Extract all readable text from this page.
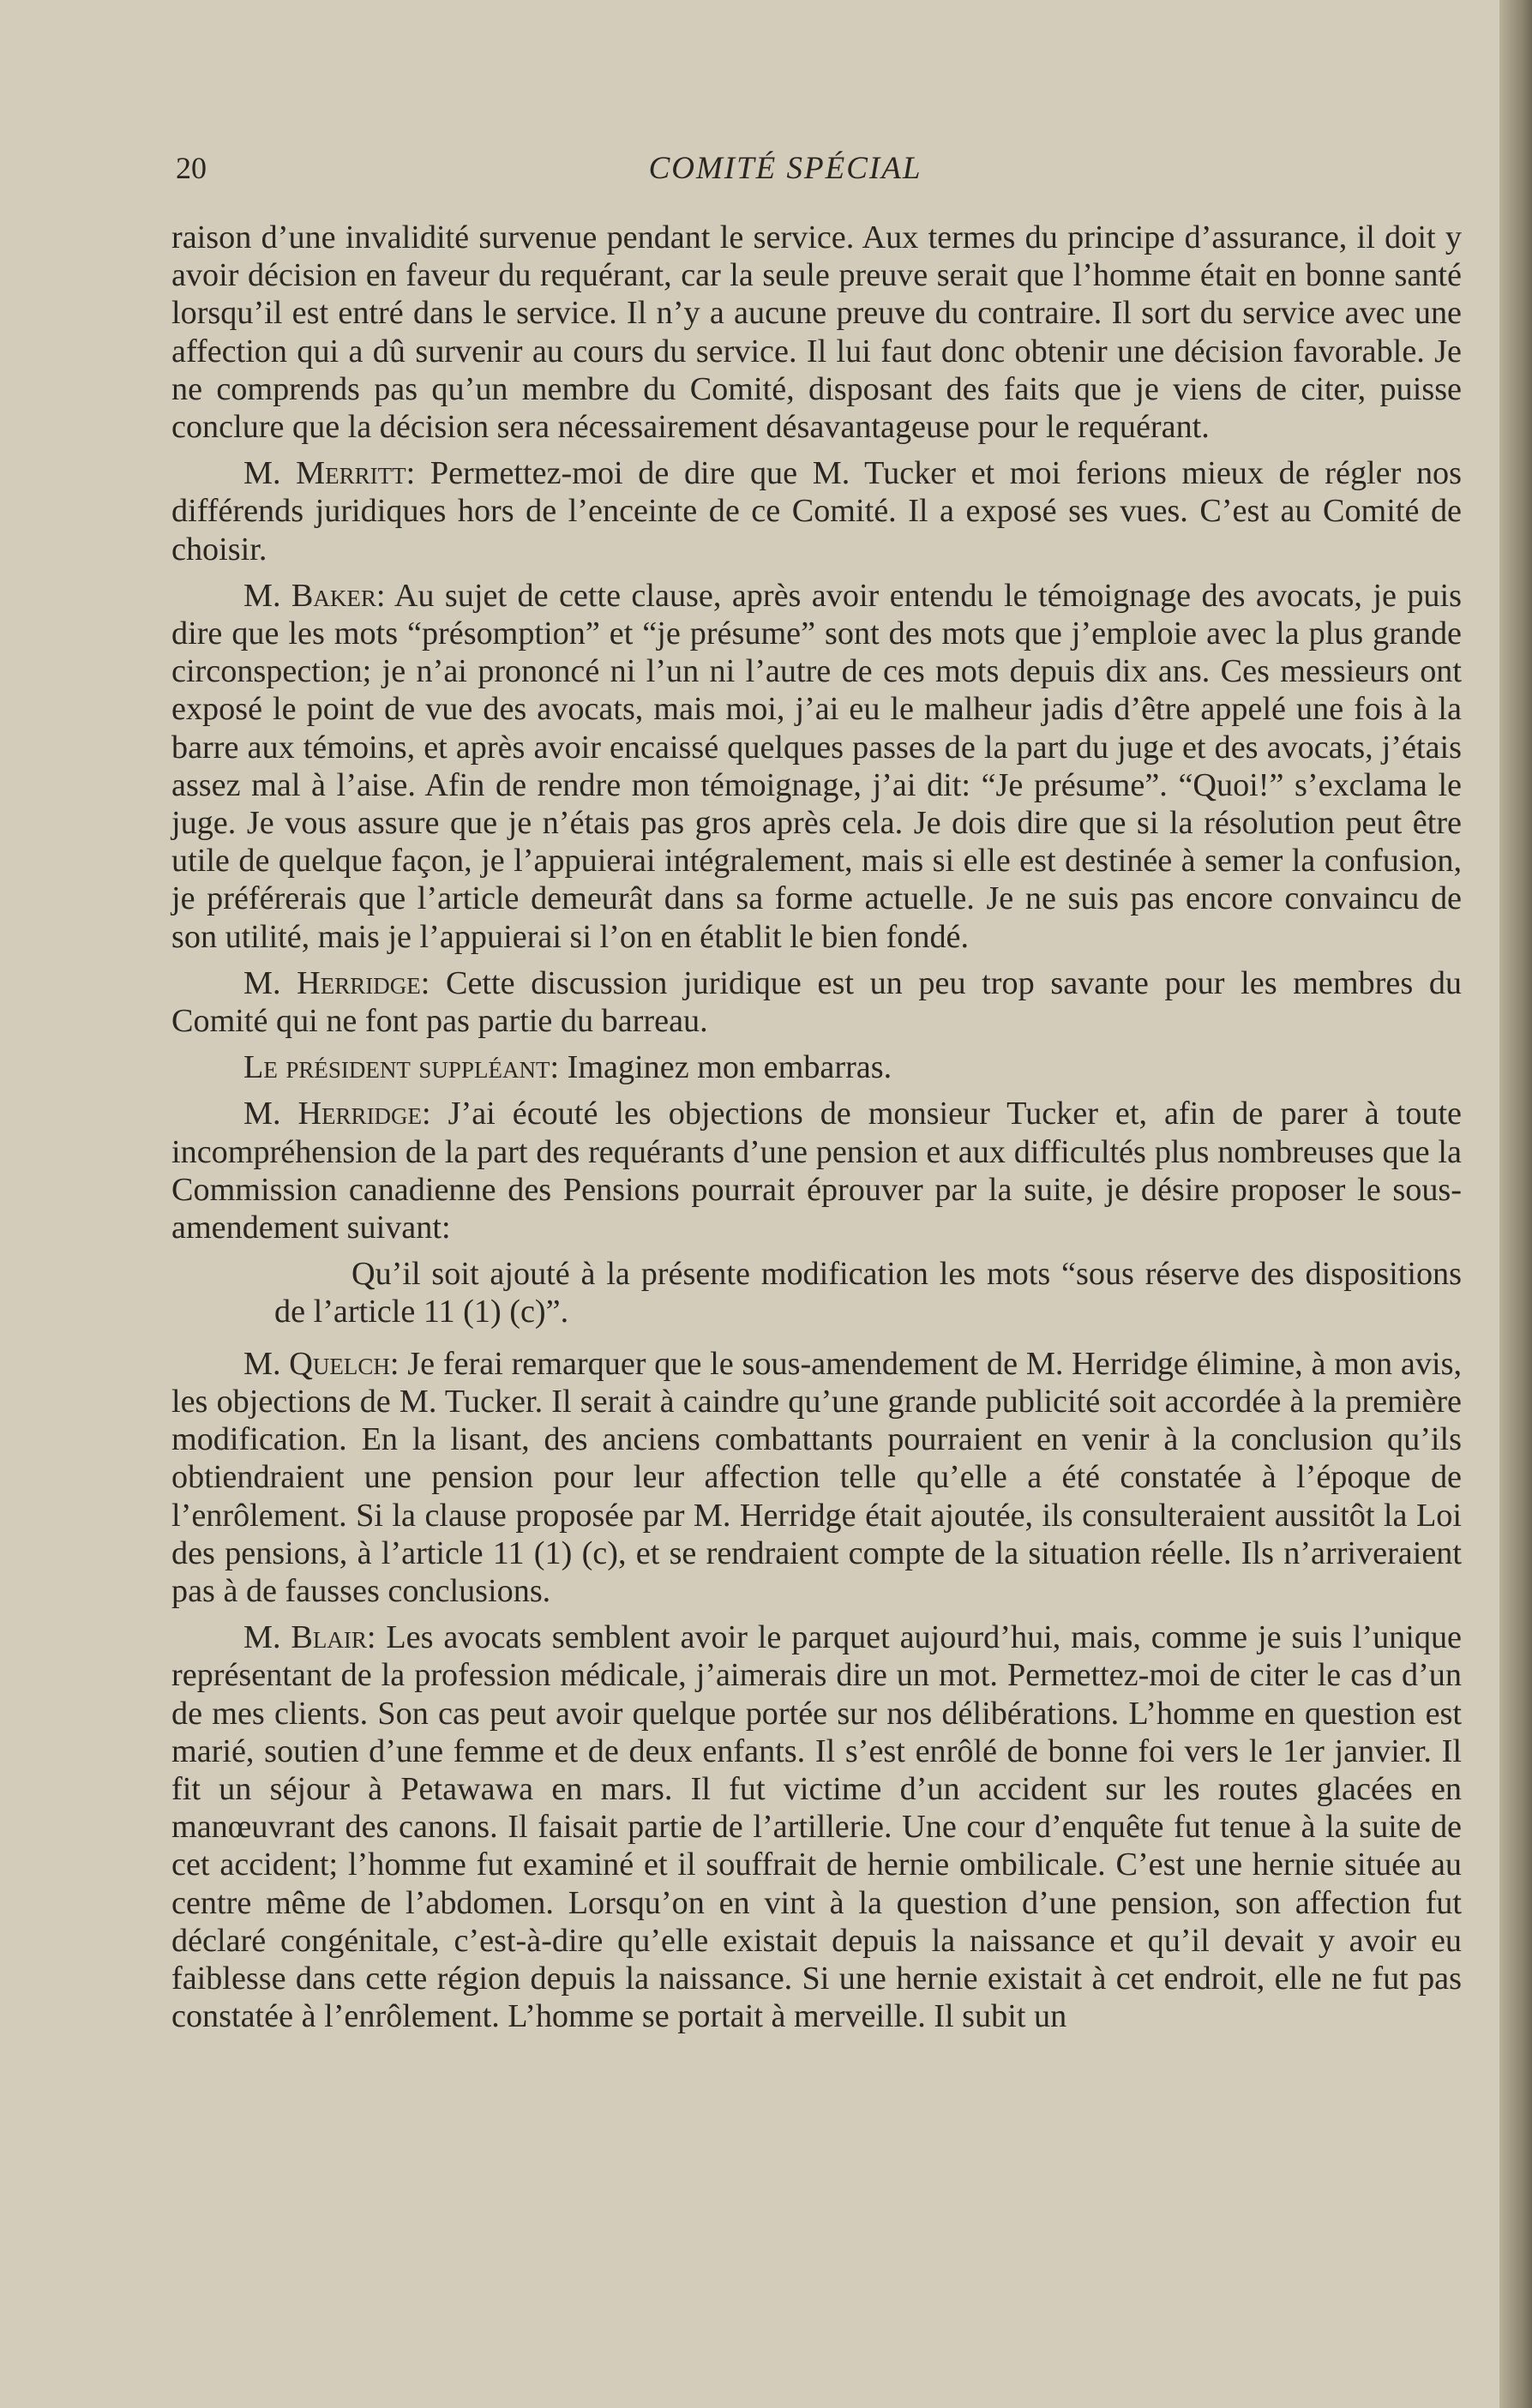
20	COMITÉ SPÉCIAL

raison d’une invalidité survenue pendant le service. Aux termes du principe d’assurance, il doit y avoir décision en faveur du requérant, car la seule preuve serait que l’homme était en bonne santé lorsqu’il est entré dans le service. Il n’y a aucune preuve du contraire. Il sort du service avec une affection qui a dû survenir au cours du service. Il lui faut donc obtenir une décision favorable. Je ne comprends pas qu’un membre du Comité, disposant des faits que je viens de citer, puisse conclure que la décision sera nécessairement désavantageuse pour le requérant.

M. Merritt: Permettez-moi de dire que M. Tucker et moi ferions mieux de régler nos différends juridiques hors de l’enceinte de ce Comité. Il a exposé ses vues. C’est au Comité de choisir.

M. Baker: Au sujet de cette clause, après avoir entendu le témoignage des avocats, je puis dire que les mots “présomption” et “je présume” sont des mots que j’emploie avec la plus grande circonspection; je n’ai prononcé ni l’un ni l’autre de ces mots depuis dix ans. Ces messieurs ont exposé le point de vue des avocats, mais moi, j’ai eu le malheur jadis d’être appelé une fois à la barre aux témoins, et après avoir encaissé quelques passes de la part du juge et des avocats, j’étais assez mal à l’aise. Afin de rendre mon témoignage, j’ai dit: “Je présume”. “Quoi!” s’exclama le juge. Je vous assure que je n’étais pas gros après cela. Je dois dire que si la résolution peut être utile de quelque façon, je l’appuierai intégralement, mais si elle est destinée à semer la confusion, je préférerais que l’article demeurât dans sa forme actuelle. Je ne suis pas encore convaincu de son utilité, mais je l’appuierai si l’on en établit le bien fondé.

M. Herridge: Cette discussion juridique est un peu trop savante pour les membres du Comité qui ne font pas partie du barreau.

Le président suppléant: Imaginez mon embarras.

M. Herridge: J’ai écouté les objections de monsieur Tucker et, afin de parer à toute incompréhension de la part des requérants d’une pension et aux difficultés plus nombreuses que la Commission canadienne des Pensions pourrait éprouver par la suite, je désire proposer le sous-amendement suivant:

Qu’il soit ajouté à la présente modification les mots “sous réserve des dispositions de l’article 11 (1) (c)”.

M. Quelch: Je ferai remarquer que le sous-amendement de M. Herridge élimine, à mon avis, les objections de M. Tucker. Il serait à caindre qu’une grande publicité soit accordée à la première modification. En la lisant, des anciens combattants pourraient en venir à la conclusion qu’ils obtiendraient une pension pour leur affection telle qu’elle a été constatée à l’époque de l’enrôlement. Si la clause proposée par M. Herridge était ajoutée, ils consulteraient aussitôt la Loi des pensions, à l’article 11 (1) (c), et se rendraient compte de la situation réelle. Ils n’arriveraient pas à de fausses conclusions.

M. Blair: Les avocats semblent avoir le parquet aujourd’hui, mais, comme je suis l’unique représentant de la profession médicale, j’aimerais dire un mot. Permettez-moi de citer le cas d’un de mes clients. Son cas peut avoir quelque portée sur nos délibérations. L’homme en question est marié, soutien d’une femme et de deux enfants. Il s’est enrôlé de bonne foi vers le 1er janvier. Il fit un séjour à Petawawa en mars. Il fut victime d’un accident sur les routes glacées en manœuvrant des canons. Il faisait partie de l’artillerie. Une cour d’enquête fut tenue à la suite de cet accident; l’homme fut examiné et il souffrait de hernie ombilicale. C’est une hernie située au centre même de l’abdomen. Lorsqu’on en vint à la question d’une pension, son affection fut déclaré congénitale, c’est-à-dire qu’elle existait depuis la naissance et qu’il devait y avoir eu faiblesse dans cette région depuis la naissance. Si une hernie existait à cet endroit, elle ne fut pas constatée à l’enrôlement. L’homme se portait à merveille. Il subit un
